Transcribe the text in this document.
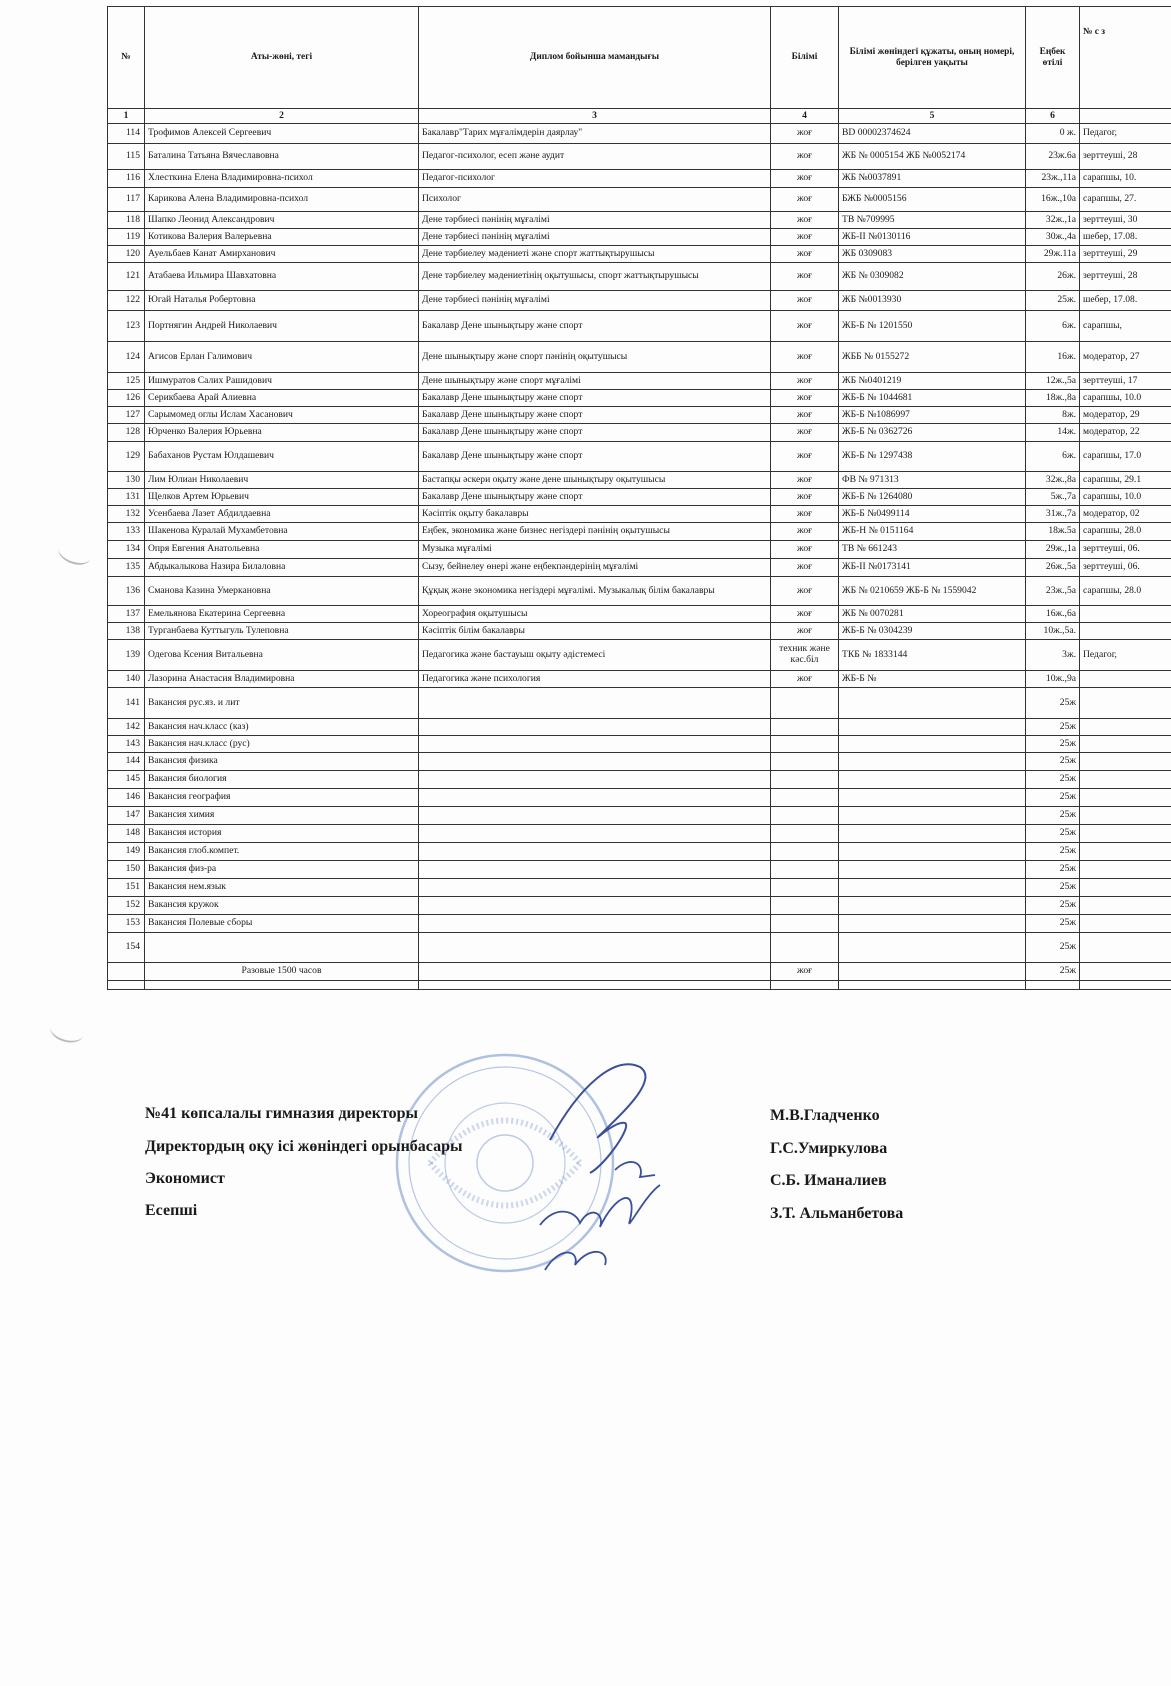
№	Аты-жөні, тегі	Диплом бойынша мамандығы	Білімі	Білімі жөніндегі құжаты, оның номері, берілген уақыты	Еңбек өтілі	№ с з
1	2	3	4	5	6	
114	Трофимов Алексей Сергеевич	Бакалавр"Тарих мұғалімдерін даярлау"	жоғ	BD 00002374624	0 ж.	Педагог,
115	Баталина Татьяна Вячеславовна	Педагог-психолог, есеп және аудит	жоғ	ЖБ № 0005154 ЖБ №0052174	23ж.6а	зерттеуші, 28
116	Хлесткина Елена Владимировна-психол	Педагог-психолог	жоғ	ЖБ №0037891	23ж.,11а	сарапшы, 10.
117	Карикова Алена Владимировна-психол	Психолог	жоғ	БЖБ №0005156	16ж.,10а	сарапшы, 27.
118	Шапко Леонид Александрович	Дене тәрбиесі пәнінің мұғалімі	жоғ	ТВ №709995	32ж.,1а	зерттеуші, 30
119	Котикова Валерия Валерьевна	Дене тәрбиесі пәнінің мұғалімі	жоғ	ЖБ-II №0130116	30ж.,4а	шебер, 17.08.
120	Ауельбаев Канат Амирханович	Дене тәрбиелеу мәдениеті және спорт жаттықтырушысы	жоғ	ЖБ 0309083	29ж.11а	зерттеуші, 29
121	Атабаева Ильмира Шавхатовна	Дене тәрбиелеу мәдениетінің оқытушысы, спорт жаттықтырушысы	жоғ	ЖБ № 0309082	26ж.	зерттеуші, 28
122	Югай Наталья Робертовна	Дене тәрбиесі пәнінің мұғалімі	жоғ	ЖБ №0013930	25ж.	шебер, 17.08.
123	Портнягин Андрей Николаевич	Бакалавр Дене шынықтыру және спорт	жоғ	ЖБ-Б № 1201550	6ж.	сарапшы,
124	Агисов Ерлан Галимович	Дене шынықтыру және спорт пәнінің оқытушысы	жоғ	ЖББ № 0155272	16ж.	модератор, 27
125	Ишмуратов Салих Рашидович	Дене шынықтыру және спорт мұғалімі	жоғ	ЖБ №0401219	12ж.,5а	зерттеуші, 17
126	Серикбаева Арай Алиевна	Бакалавр Дене шынықтыру және спорт	жоғ	ЖБ-Б № 1044681	18ж.,8а	сарапшы, 10.0
127	Сарымомед оглы Ислам Хасанович	Бакалавр Дене шынықтыру және спорт	жоғ	ЖБ-Б №1086997	8ж.	модератор, 29
128	Юрченко Валерия Юрьевна	Бакалавр Дене шынықтыру және спорт	жоғ	ЖБ-Б № 0362726	14ж.	модератор, 22
129	Бабаханов Рустам Юлдашевич	Бакалавр Дене шынықтыру және спорт	жоғ	ЖБ-Б № 1297438	6ж.	сарапшы, 17.0
130	Лим Юлиан Николаевич	Бастапқы әскери оқыту және дене шынықтыру оқытушысы	жоғ	ФВ № 971313	32ж.,8а	сарапшы, 29.1
131	Щелков Артем Юрьевич	Бакалавр Дене шынықтыру және спорт	жоғ	ЖБ-Б № 1264080	5ж.,7а	сарапшы, 10.0
132	Усенбаева Лазет Абдилдаевна	Кәсіптік оқыту бакалавры	жоғ	ЖБ-Б №0499114	31ж.,7а	модератор, 02
133	Шакенова Куралай Мухамбетовна	Еңбек, экономика және бизнес негіздері пәнінің оқытушысы	жоғ	ЖБ-Н № 0151164	18ж.5а	сарапшы, 28.0
134	Опря Евгения Анатольевна	Музыка мұғалімі	жоғ	ТВ № 661243	29ж.,1а	зерттеуші, 06.
135	Абдыкалыкова Назира Билаловна	Сызу, бейнелеу өнері және еңбекпәндерінің мұғалімі	жоғ	ЖБ-II №0173141	26ж.,5а	зерттеуші, 06.
136	Сманова Казина Умеркановна	Құқық және экономика негіздері мұғалімі. Музыкалық білім бакалавры	жоғ	ЖБ № 0210659 ЖБ-Б № 1559042	23ж.,5а	сарапшы, 28.0
137	Емельянова Екатерина Сергеевна	Хореография оқытушысы	жоғ	ЖБ № 0070281	16ж.,6а	
138	Турганбаева Куттыгуль Тулеповна	Кәсіптік білім бакалавры	жоғ	ЖБ-Б № 0304239	10ж.,5а.	
139	Одегова Ксения Витальевна	Педагогика және бастауыш оқыту әдістемесі	техник және кәс.біл	ТКБ № 1833144	3ж.	Педагог,
140	Лазорина Анастасия Владимировна	Педагогика және психология	жоғ	ЖБ-Б №	10ж.,9а	
141	Вакансия рус.яз. и лит				25ж	
142	Вакансия нач.класс (каз)				25ж	
143	Вакансия нач.класс (рус)				25ж	
144	Вакансия физика				25ж	
145	Вакансия биология				25ж	
146	Вакансия география				25ж	
147	Вакансия химия				25ж	
148	Вакансия история				25ж	
149	Вакансия глоб.компет.				25ж	
150	Вакансия физ-ра				25ж	
151	Вакансия нем.язык				25ж	
152	Вакансия кружок				25ж	
153	Вакансия Полевые сборы				25ж	
154					25ж	
	Разовые 1500 часов		жоғ		25ж	

№41 көпсалалы гимназия директоры	М.В.Гладченко
Директордың оқу ісі жөніндегі орынбасары	Г.С.Умиркулова
Экономист	С.Б. Иманалиев
Есепші	З.Т. Альманбетова
